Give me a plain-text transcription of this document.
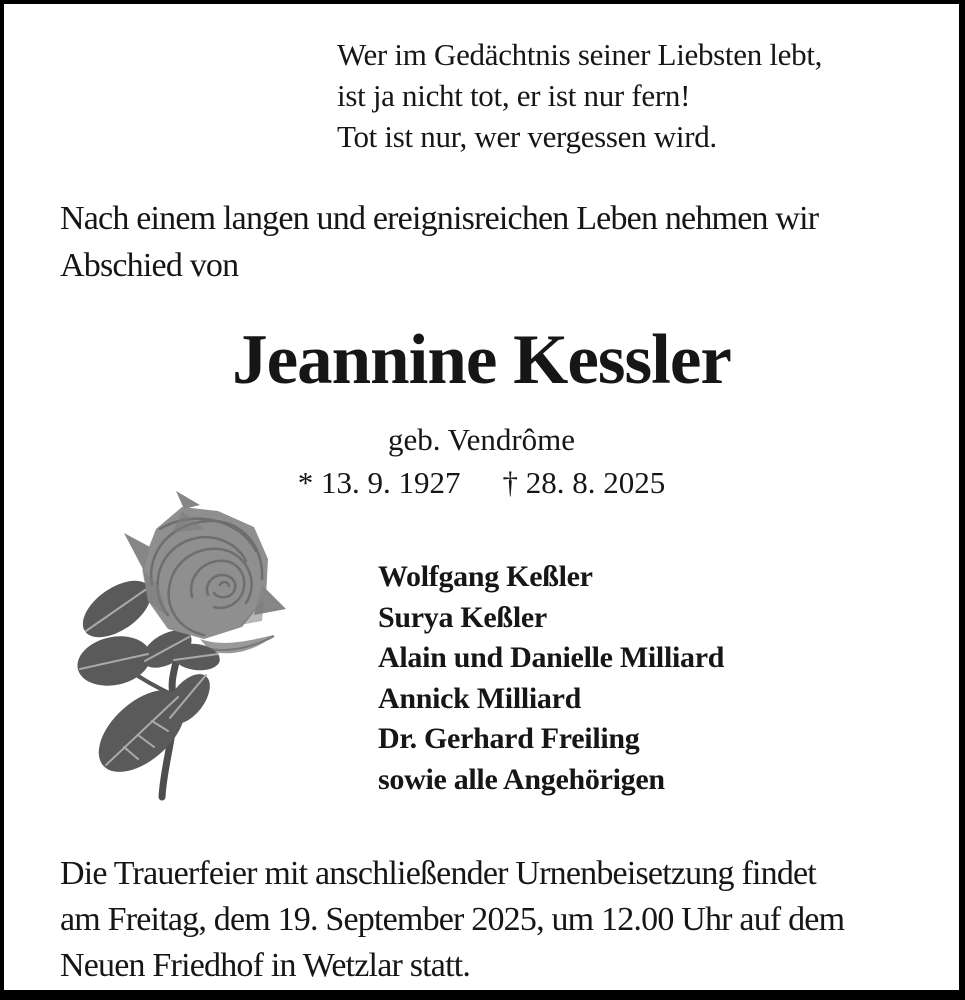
Wer im Gedächtnis seiner Liebsten lebt,
ist ja nicht tot, er ist nur fern!
Tot ist nur, wer vergessen wird.
Nach einem langen und ereignisreichen Leben nehmen wir
Abschied von
Jeannine Kessler
geb. Vendrôme
* 13. 9. 1927 † 28. 8. 2025
Wolfgang Keßler
Surya Keßler
Alain und Danielle Milliard
Annick Milliard
Dr. Gerhard Freiling
sowie alle Angehörigen
Die Trauerfeier mit anschließender Urnenbeisetzung findet
am Freitag, dem 19. September 2025, um 12.00 Uhr auf dem
Neuen Friedhof in Wetzlar statt.
